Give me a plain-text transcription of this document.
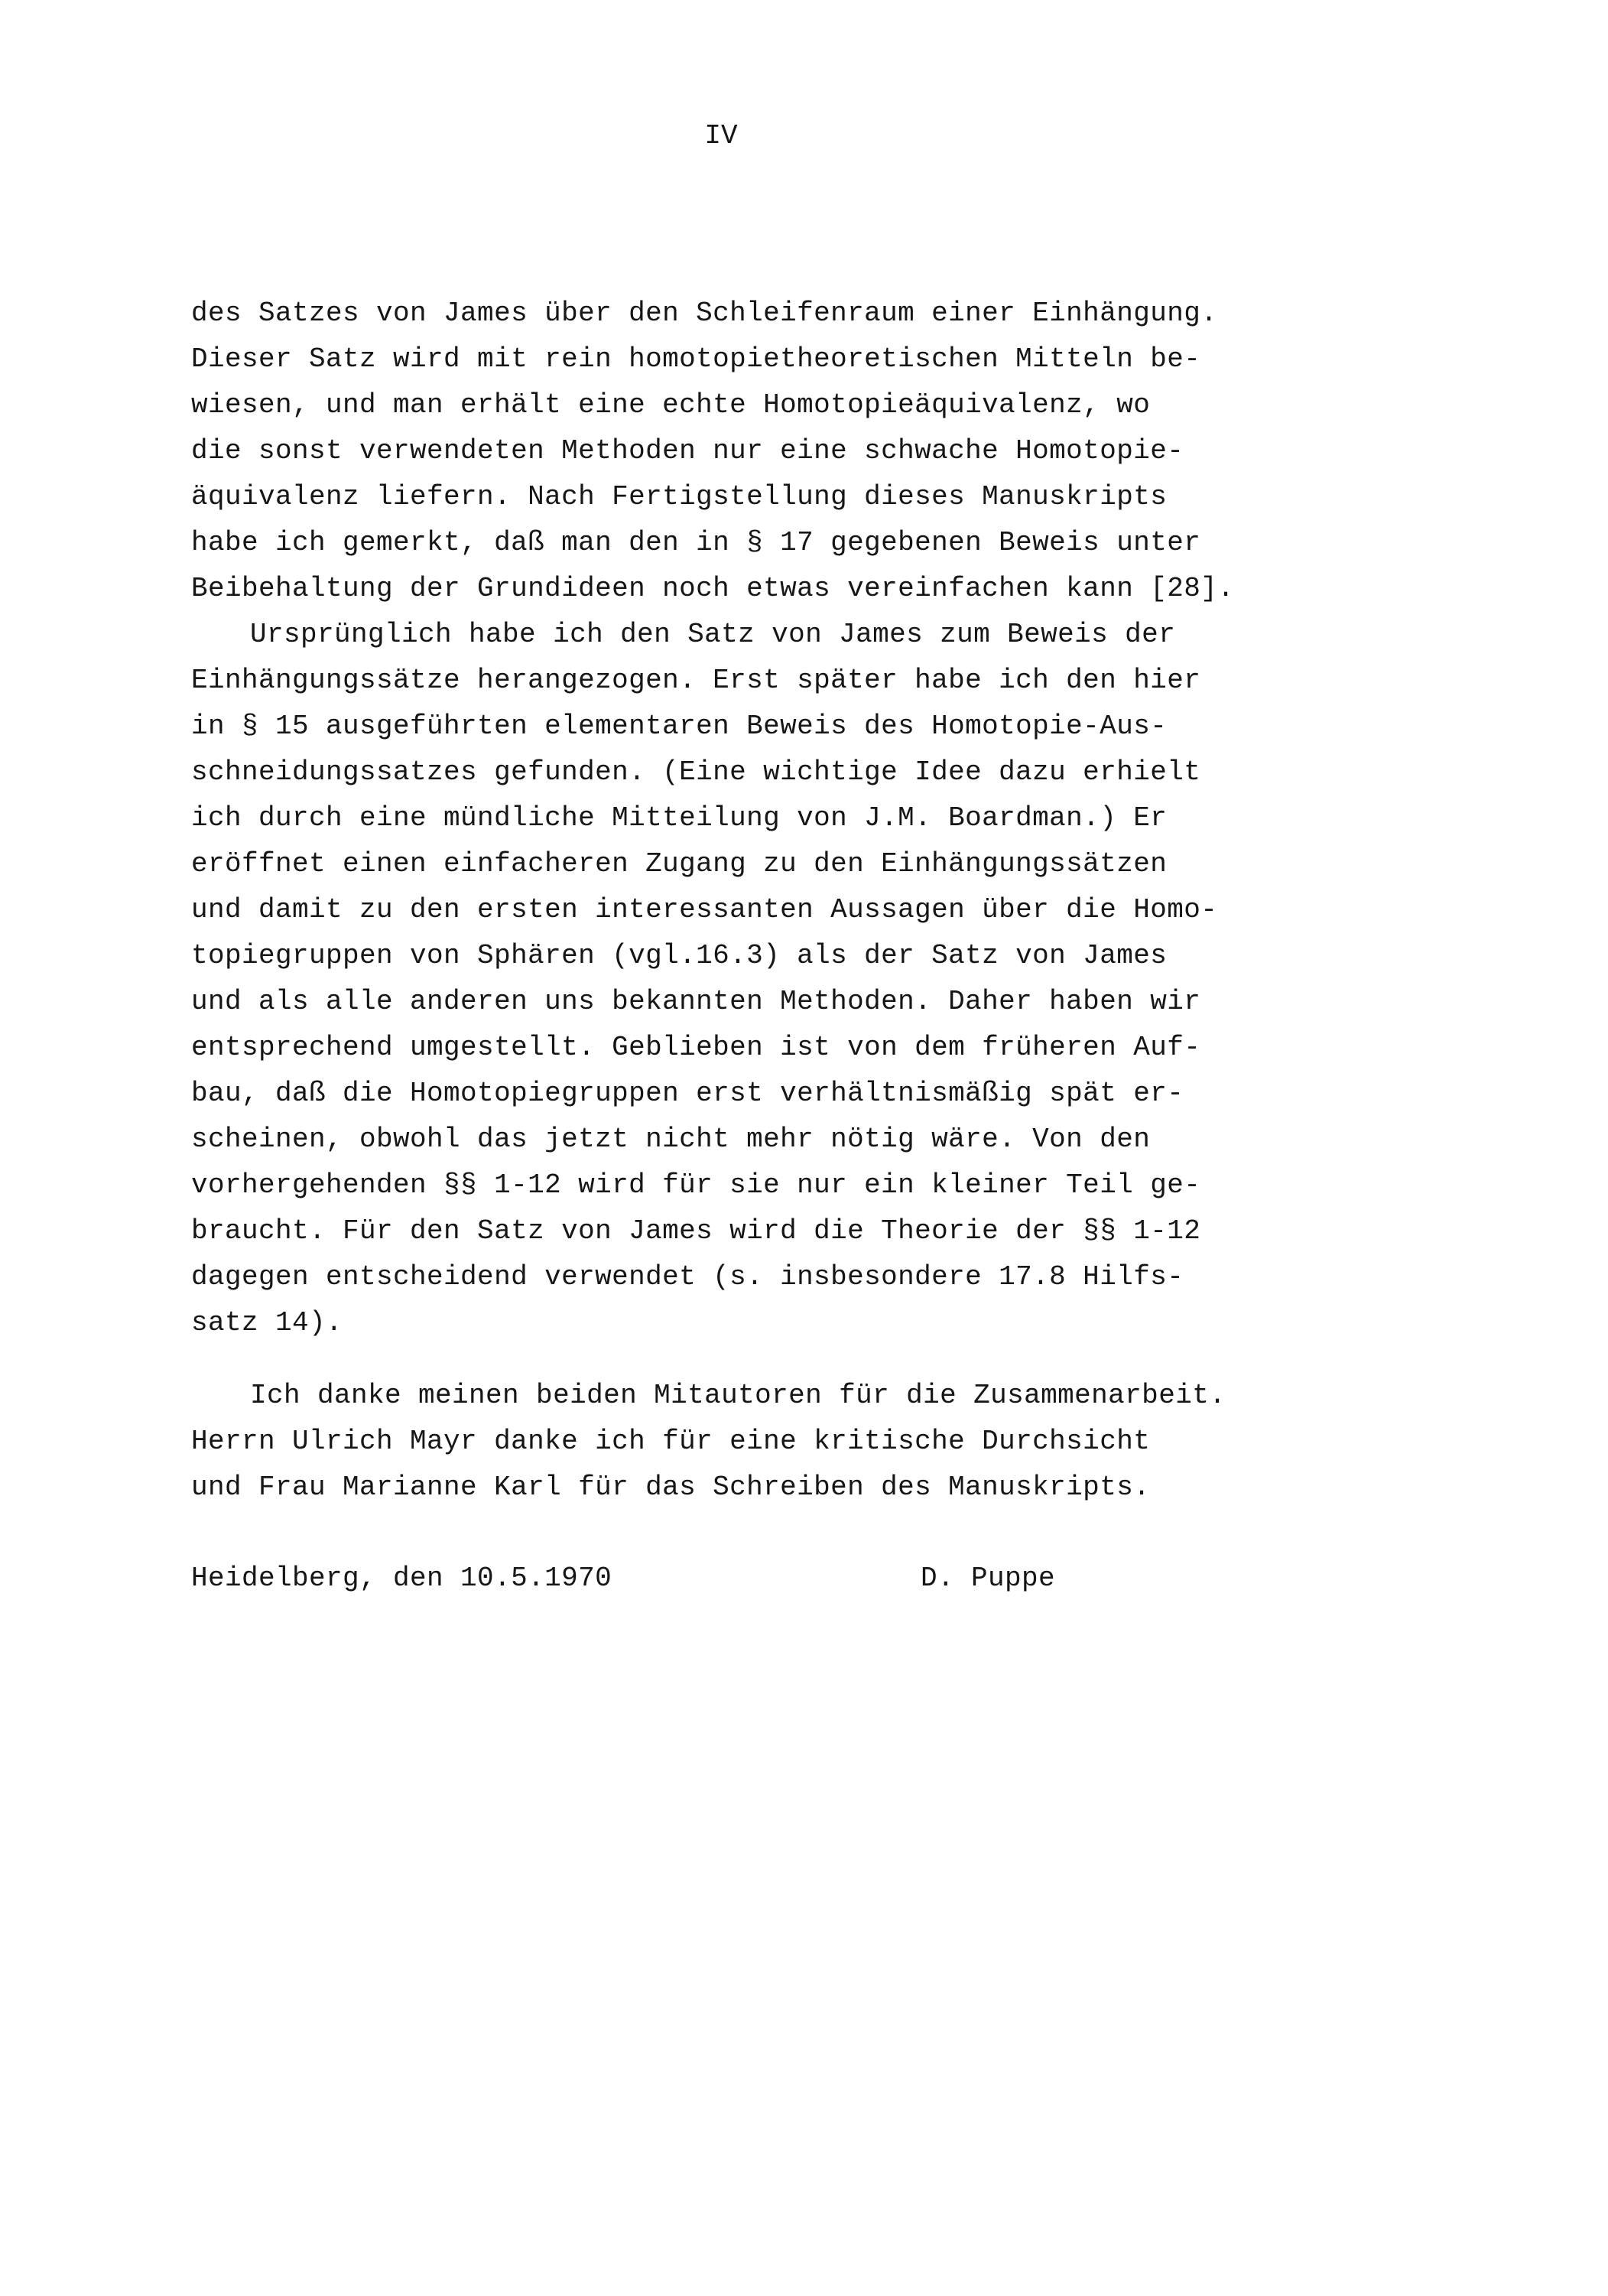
IV
des Satzes von James über den Schleifenraum einer Einhängung.
Dieser Satz wird mit rein homotopietheoretischen Mitteln be-
wiesen, und man erhält eine echte Homotopieäquivalenz, wo
die sonst verwendeten Methoden nur eine schwache Homotopie-
äquivalenz liefern. Nach Fertigstellung dieses Manuskripts
habe ich gemerkt, daß man den in § 17 gegebenen Beweis unter
Beibehaltung der Grundideen noch etwas vereinfachen kann [28].
Ursprünglich habe ich den Satz von James zum Beweis der
Einhängungssätze herangezogen. Erst später habe ich den hier
in § 15 ausgeführten elementaren Beweis des Homotopie-Aus-
schneidungssatzes gefunden. (Eine wichtige Idee dazu erhielt
ich durch eine mündliche Mitteilung von J.M. Boardman.) Er
eröffnet einen einfacheren Zugang zu den Einhängungssätzen
und damit zu den ersten interessanten Aussagen über die Homo-
topiegruppen von Sphären (vgl.16.3) als der Satz von James
und als alle anderen uns bekannten Methoden. Daher haben wir
entsprechend umgestellt. Geblieben ist von dem früheren Auf-
bau, daß die Homotopiegruppen erst verhältnismäßig spät er-
scheinen, obwohl das jetzt nicht mehr nötig wäre. Von den
vorhergehenden §§ 1-12 wird für sie nur ein kleiner Teil ge-
braucht. Für den Satz von James wird die Theorie der §§ 1-12
dagegen entscheidend verwendet (s. insbesondere 17.8 Hilfs-
satz 14).
Ich danke meinen beiden Mitautoren für die Zusammenarbeit.
Herrn Ulrich Mayr danke ich für eine kritische Durchsicht
und Frau Marianne Karl für das Schreiben des Manuskripts.

Heidelberg, den 10.5.1970

	D. Puppe
